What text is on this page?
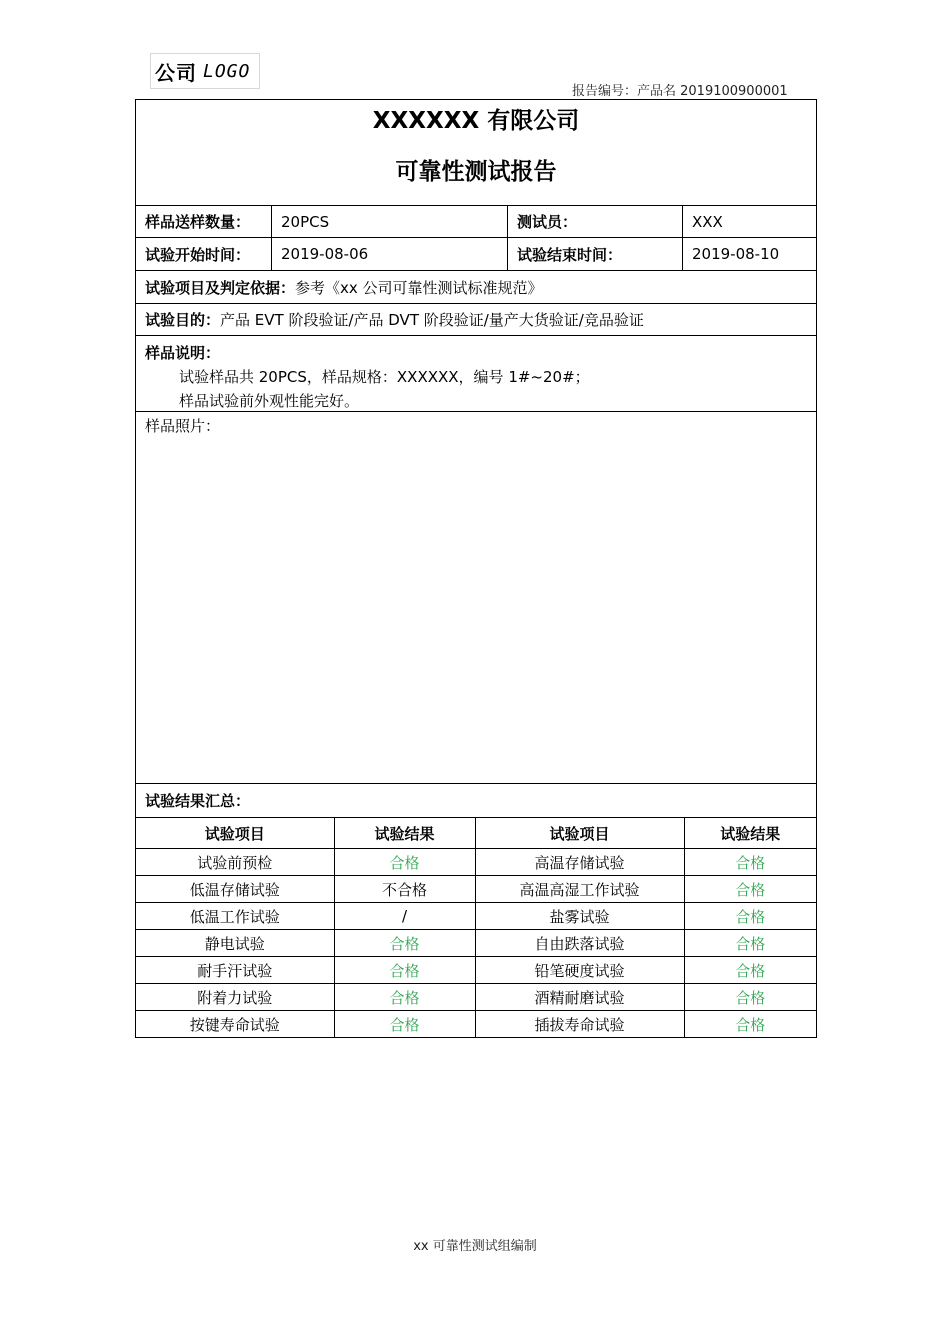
公司 LOGO
报告编号：产品名 2019100900001
XXXXXX 有限公司
可靠性测试报告
样品送样数量：	20PCS	测试员：	XXX
试验开始时间：	2019-08-06	试验结束时间：	2019-08-10
试验项目及判定依据： 参考《xx 公司可靠性测试标准规范》
试验目的： 产品 EVT 阶段验证/产品 DVT 阶段验证/量产大货验证/竞品验证
样品说明：
试验样品共 20PCS，样品规格：XXXXXX，编号 1#~20#；
样品试验前外观性能完好。
样品照片：
试验结果汇总：
试验项目	试验结果	试验项目	试验结果
试验前预检	合格	高温存储试验	合格
低温存储试验	不合格	高温高湿工作试验	合格
低温工作试验	/	盐雾试验	合格
静电试验	合格	自由跌落试验	合格
耐手汗试验	合格	铅笔硬度试验	合格
附着力试验	合格	酒精耐磨试验	合格
按键寿命试验	合格	插拔寿命试验	合格
xx 可靠性测试组编制
